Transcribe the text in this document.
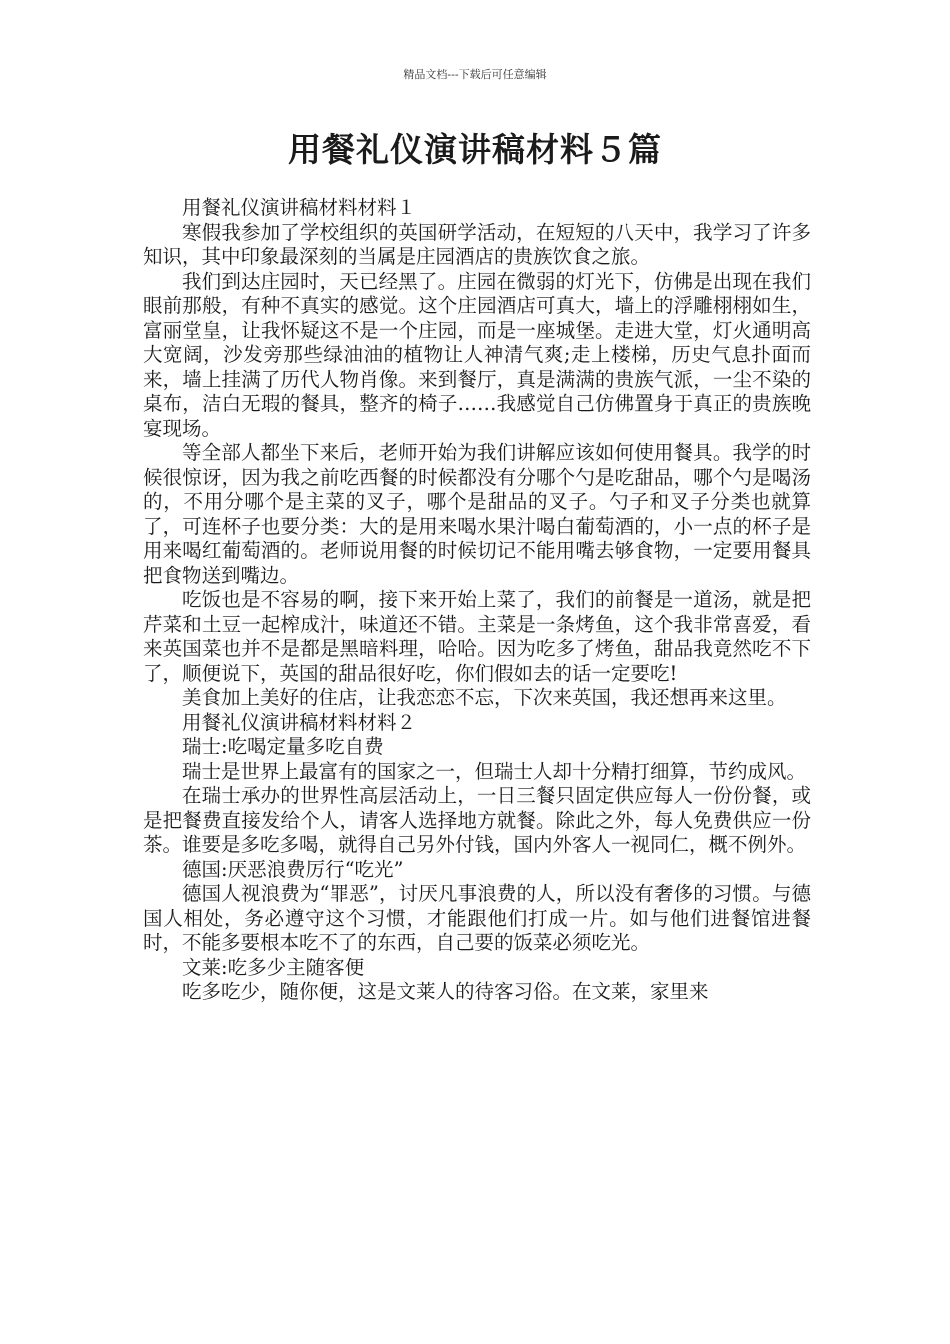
精品文档---下载后可任意编辑
用餐礼仪演讲稿材料５篇

用餐礼仪演讲稿材料材料１

寒假我参加了学校组织的英国研学活动，在短短的八天中，我学习了许多知识，其中印象最深刻的当属是庄园酒店的贵族饮食之旅。

我们到达庄园时，天已经黑了。庄园在微弱的灯光下，仿佛是出现在我们眼前那般，有种不真实的感觉。这个庄园酒店可真大，墙上的浮雕栩栩如生，富丽堂皇，让我怀疑这不是一个庄园，而是一座城堡。走进大堂，灯火通明高大宽阔，沙发旁那些绿油油的植物让人神清气爽;走上楼梯，历史气息扑面而来，墙上挂满了历代人物肖像。来到餐厅，真是满满的贵族气派，一尘不染的桌布，洁白无瑕的餐具，整齐的椅子……我感觉自己仿佛置身于真正的贵族晚宴现场。

等全部人都坐下来后，老师开始为我们讲解应该如何使用餐具。我学的时候很惊讶，因为我之前吃西餐的时候都没有分哪个勺是吃甜品，哪个勺是喝汤的，不用分哪个是主菜的叉子，哪个是甜品的叉子。勺子和叉子分类也就算了，可连杯子也要分类：大的是用来喝水果汁喝白葡萄酒的，小一点的杯子是用来喝红葡萄酒的。老师说用餐的时候切记不能用嘴去够食物，一定要用餐具把食物送到嘴边。

吃饭也是不容易的啊，接下来开始上菜了，我们的前餐是一道汤，就是把芹菜和土豆一起榨成汁，味道还不错。主菜是一条烤鱼，这个我非常喜爱，看来英国菜也并不是都是黑暗料理，哈哈。因为吃多了烤鱼，甜品我竟然吃不下了，顺便说下，英国的甜品很好吃，你们假如去的话一定要吃!

美食加上美好的住店，让我恋恋不忘，下次来英国，我还想再来这里。

用餐礼仪演讲稿材料材料２

瑞士:吃喝定量多吃自费

瑞士是世界上最富有的国家之一，但瑞士人却十分精打细算，节约成风。

在瑞士承办的世界性高层活动上，一日三餐只固定供应每人一份份餐，或是把餐费直接发给个人，请客人选择地方就餐。除此之外，每人免费供应一份茶。谁要是多吃多喝，就得自己另外付钱，国内外客人一视同仁，概不例外。

德国:厌恶浪费厉行“吃光”

德国人视浪费为“罪恶”，讨厌凡事浪费的人，所以没有奢侈的习惯。与德国人相处，务必遵守这个习惯，才能跟他们打成一片。如与他们进餐馆进餐时，不能多要根本吃不了的东西，自己要的饭菜必须吃光。

文莱:吃多少主随客便

吃多吃少，随你便，这是文莱人的待客习俗。在文莱，家里来
